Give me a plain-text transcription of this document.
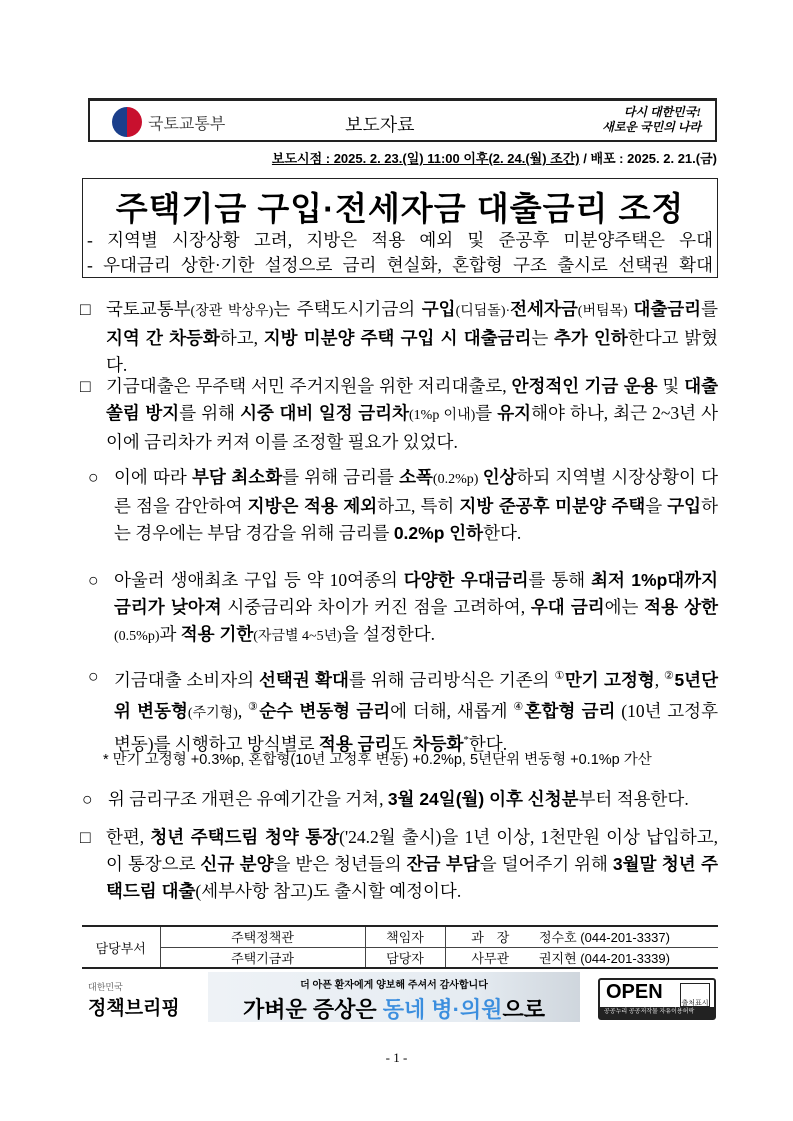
국토교통부	보도자료
다시 대한민국!
새로운 국민의 나라
보도시점 : 2025. 2. 23.(일) 11:00 이후(2. 24.(월) 조간) / 배포 : 2025. 2. 21.(금)
주택기금 구입·전세자금 대출금리 조정
- 지역별 시장상황 고려, 지방은 적용 예외 및 준공후 미분양주택은 우대
- 우대금리 상한·기한 설정으로 금리 현실화, 혼합형 구조 출시로 선택권 확대
□ 국토교통부(장관 박상우)는 주택도시기금의 구입(디딤돌)·전세자금(버팀목) 대출금리를 지역 간 차등화하고, 지방 미분양 주택 구입 시 대출금리는 추가 인하한다고 밝혔다.
□ 기금대출은 무주택 서민 주거지원을 위한 저리대출로, 안정적인 기금 운용 및 대출쏠림 방지를 위해 시중 대비 일정 금리차(1%p 이내)를 유지해야 하나, 최근 2~3년 사이에 금리차가 커져 이를 조정할 필요가 있었다.
○ 이에 따라 부담 최소화를 위해 금리를 소폭(0.2%p) 인상하되 지역별 시장상황이 다른 점을 감안하여 지방은 적용 제외하고, 특히 지방 준공후 미분양 주택을 구입하는 경우에는 부담 경감을 위해 금리를 0.2%p 인하한다.
○ 아울러 생애최초 구입 등 약 10여종의 다양한 우대금리를 통해 최저 1%p대까지 금리가 낮아져 시중금리와 차이가 커진 점을 고려하여, 우대 금리에는 적용 상한(0.5%p)과 적용 기한(자금별 4~5년)을 설정한다.
○ 기금대출 소비자의 선택권 확대를 위해 금리방식은 기존의 ①만기 고정형, ②5년단위 변동형(주기형), ③순수 변동형 금리에 더해, 새롭게 ④혼합형 금리 (10년 고정후 변동)를 시행하고 방식별로 적용 금리도 차등화*한다.
* 만기 고정형 +0.3%p, 혼합형(10년 고정후 변동) +0.2%p, 5년단위 변동형 +0.1%p 가산
○ 위 금리구조 개편은 유예기간을 거쳐, 3월 24일(월) 이후 신청분부터 적용한다.
□ 한편, 청년 주택드림 청약 통장('24.2월 출시)을 1년 이상, 1천만원 이상 납입하고, 이 통장으로 신규 분양을 받은 청년들의 잔금 부담을 덜어주기 위해 3월말 청년 주택드림 대출(세부사항 참고)도 출시할 예정이다.
담당부서	주택정책관	책임자	과　장	정수호 (044-201-3337)
	주택기금과	담당자	사무관	권지현 (044-201-3339)
대한민국
정책브리핑
더 아픈 환자에게 양보해 주셔서 감사합니다
가벼운 증상은 동네 병·의원으로
OPEN
출처표시
공공누리 공공저작물 자유이용허락
- 1 -
